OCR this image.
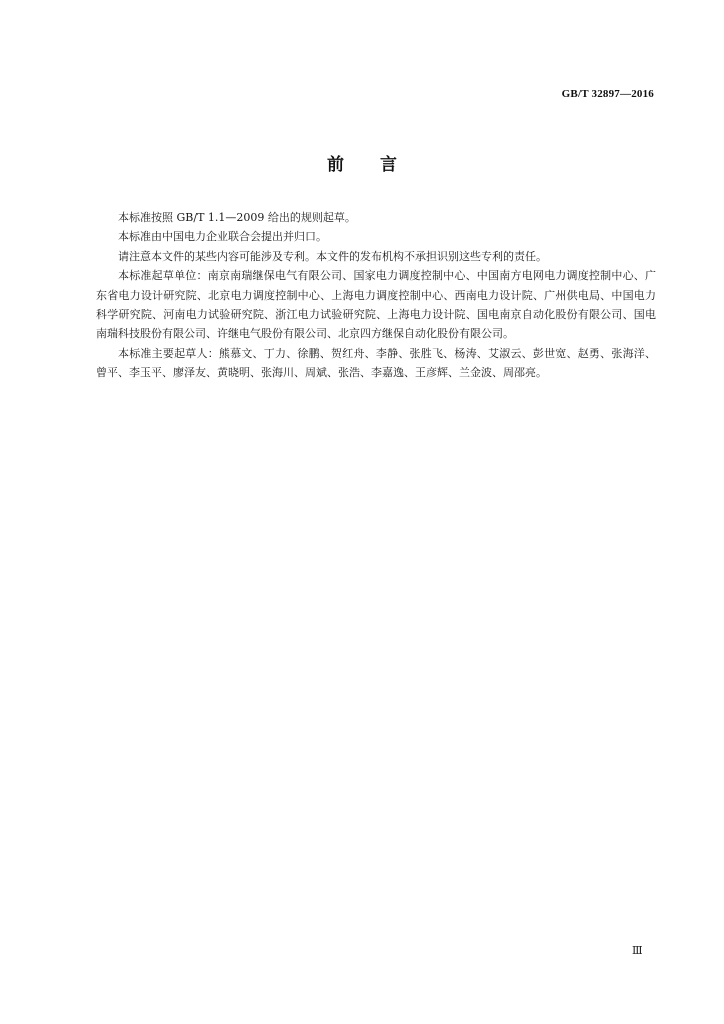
GB/T 32897—2016
前 言

本标准按照 GB/T 1.1—2009 给出的规则起草。

本标准由中国电力企业联合会提出并归口。

请注意本文件的某些内容可能涉及专利。本文件的发布机构不承担识别这些专利的责任。

本标准起草单位：南京南瑞继保电气有限公司、国家电力调度控制中心、中国南方电网电力调度控制中心、广东省电力设计研究院、北京电力调度控制中心、上海电力调度控制中心、西南电力设计院、广州供电局、中国电力科学研究院、河南电力试验研究院、浙江电力试验研究院、上海电力设计院、国电南京自动化股份有限公司、国电南瑞科技股份有限公司、许继电气股份有限公司、北京四方继保自动化股份有限公司。

本标准主要起草人：熊慕文、丁力、徐鹏、贺红舟、李静、张胜飞、杨涛、艾淑云、彭世宽、赵勇、张海洋、曾平、李玉平、廖泽友、黄晓明、张海川、周斌、张浩、李嘉逸、王彦辉、兰金波、周邵亮。

Ⅲ
